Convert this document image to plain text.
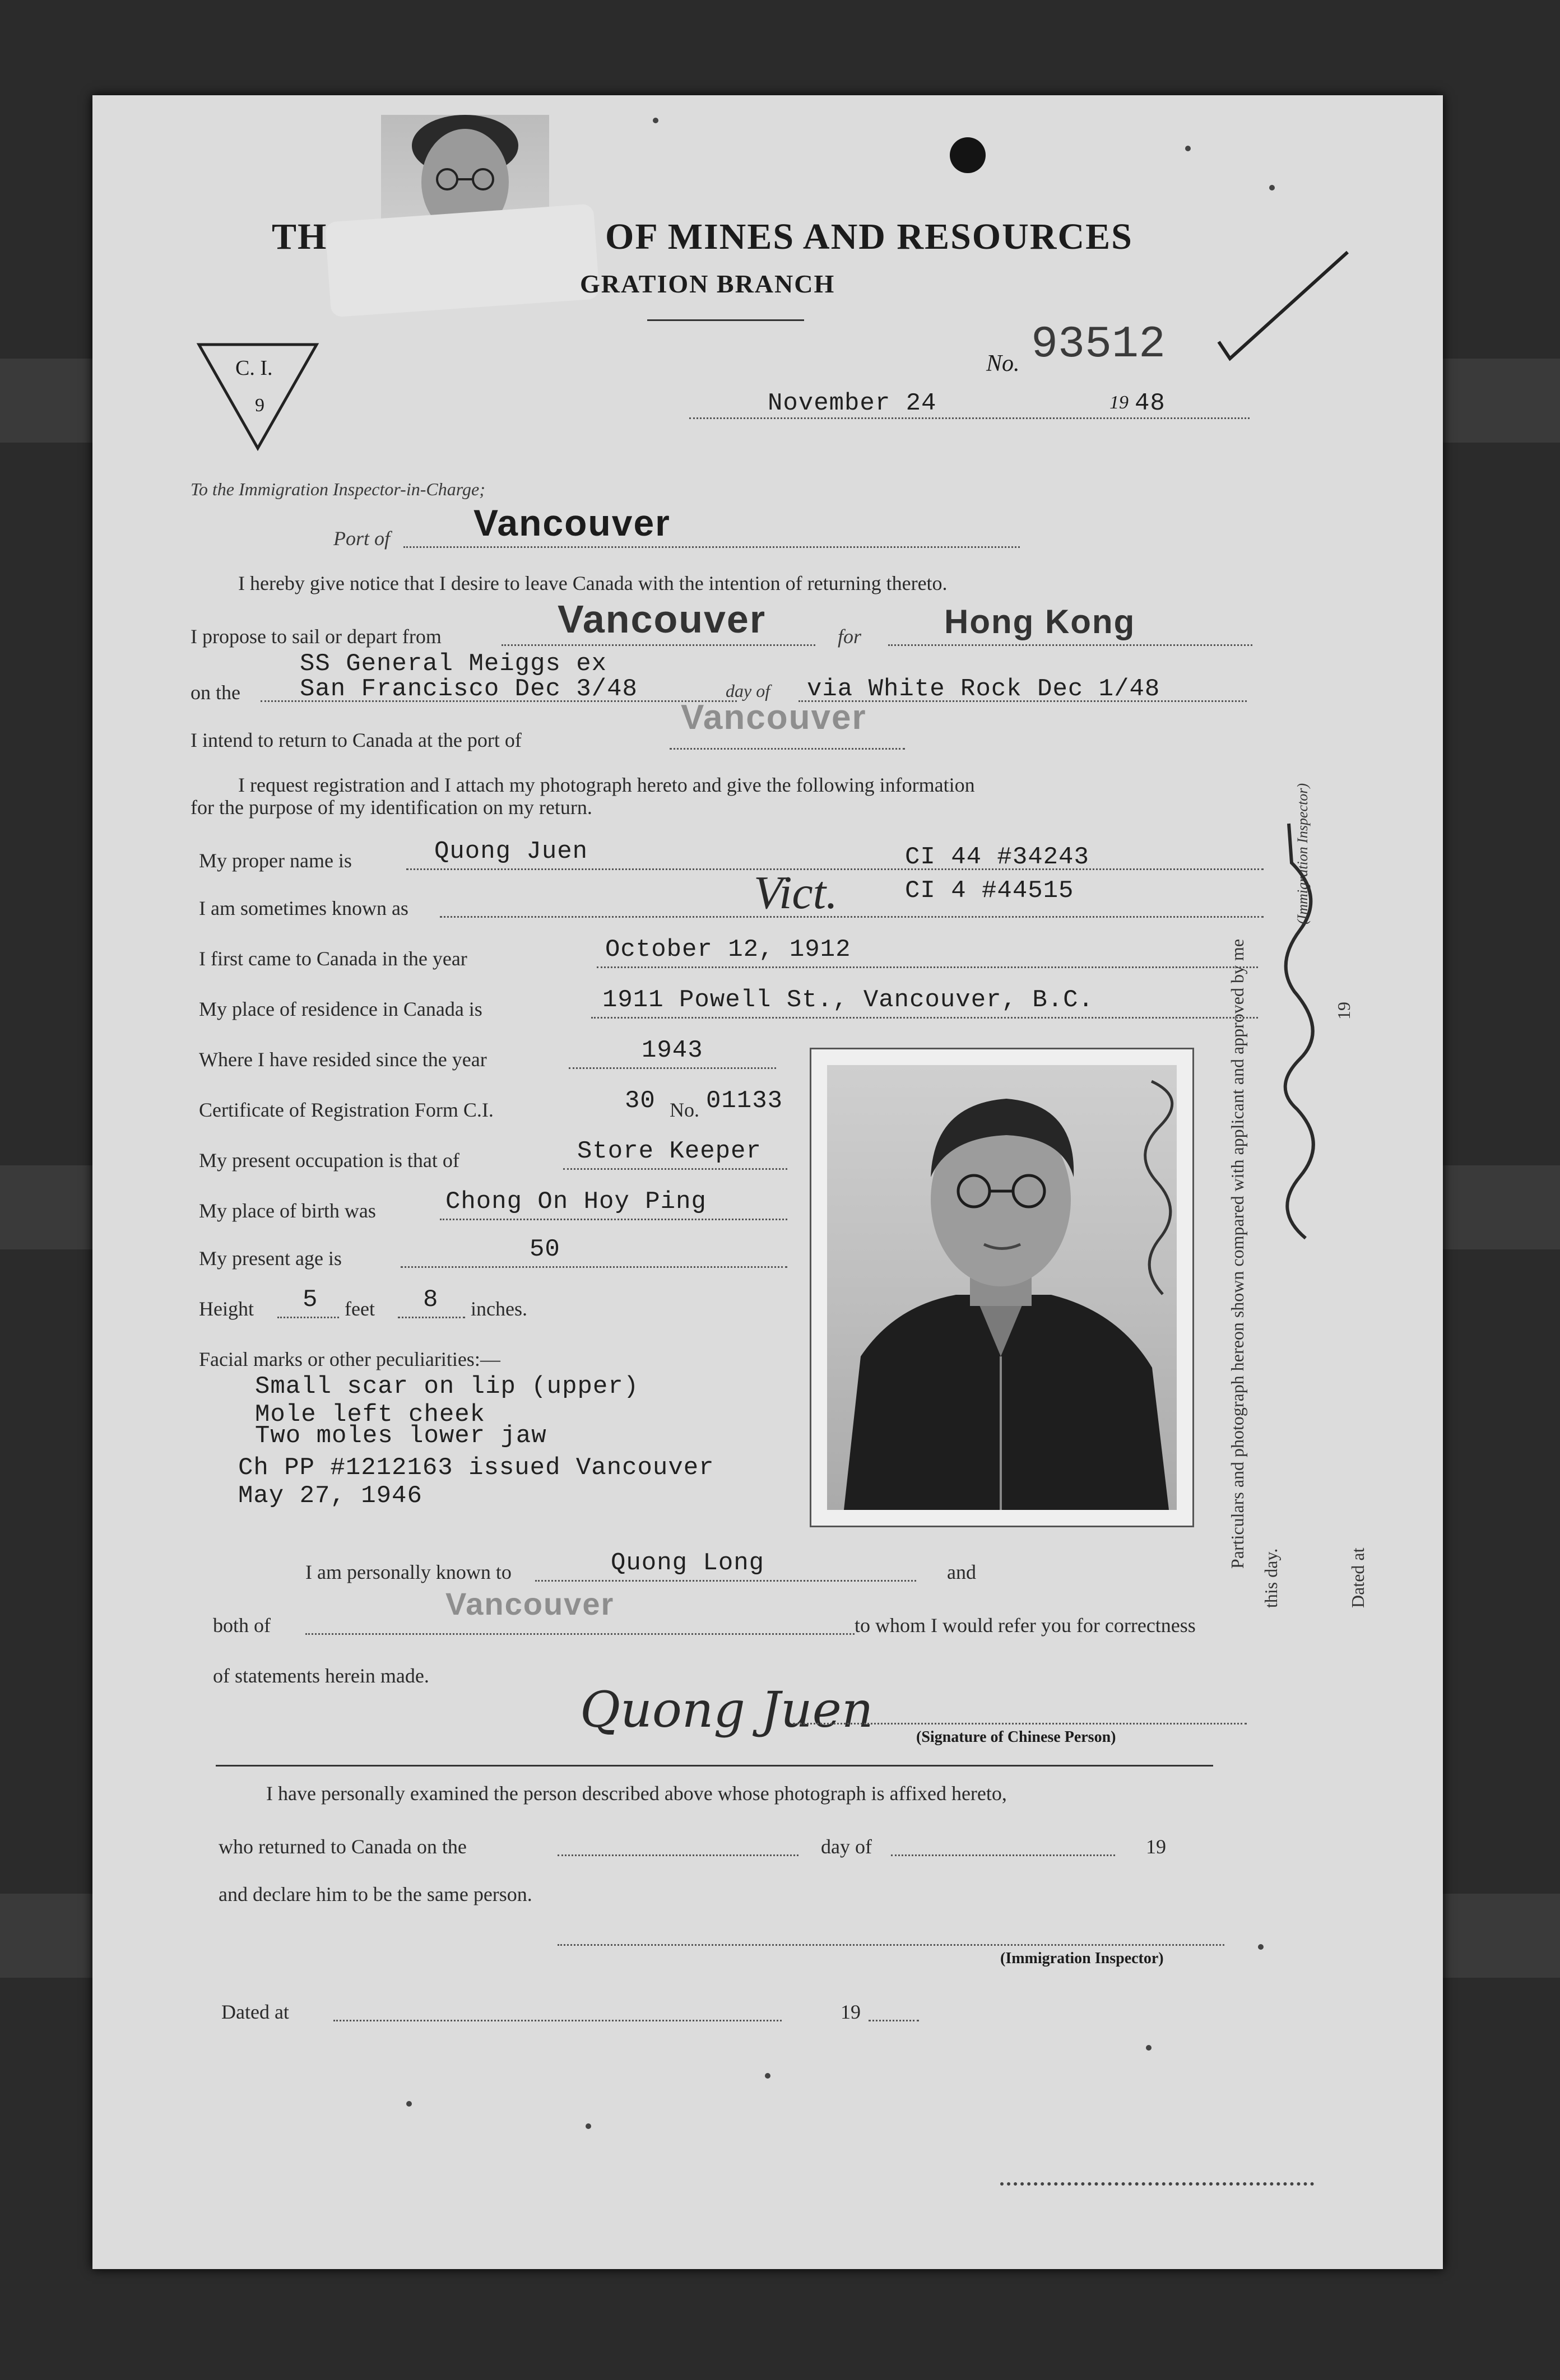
TH	OF MINES AND RESOURCES
GRATION BRANCH
C. I.
9
No. 93512
November 24	19 48
To the Immigration Inspector-in-Charge;
Port of Vancouver
I hereby give notice that I desire to leave Canada with the intention of returning thereto.
I propose to sail or depart from	Vancouver	for Hong Kong
SS General Meiggs ex
on the San Francisco Dec 3/48	day of via White Rock Dec 1/48
I intend to return to Canada at the port of
Vancouver
I request registration and I attach my photograph hereto and give the following information
for the purpose of my identification on my return.
My proper name is	Quong Juen	CI 44 #34243
I am sometimes known as	Vict.	CI 4 #44515
I first came to Canada in the year	October 12, 1912
My place of residence in Canada is	1911 Powell St., Vancouver, B.C.
Where I have resided since the year	1943
Certificate of Registration Form C.I.	30 No. 01133
My present occupation is that of	Store Keeper
My place of birth was	Chong On Hoy Ping
My present age is	50
Height 5 feet 8 inches.
Facial marks or other peculiarities:—
Small scar on lip (upper)
Mole left cheek
Two moles lower jaw
Ch PP #1212163 issued Vancouver
May 27, 1946	Particulars and photograph hereon shown compared with applicant and approved by me
this day.
(Immigration Inspector)
19
Dated at
I am personally known to	Quong Long	and
both of
Vancouver
to whom I would refer you for correctness
of statements herein made.
Quong Juen	(Signature of Chinese Person)
I have personally examined the person described above whose photograph is affixed hereto,
who returned to Canada on the	day of	19
and declare him to be the same person.
(Immigration Inspector)
Dated at	19
